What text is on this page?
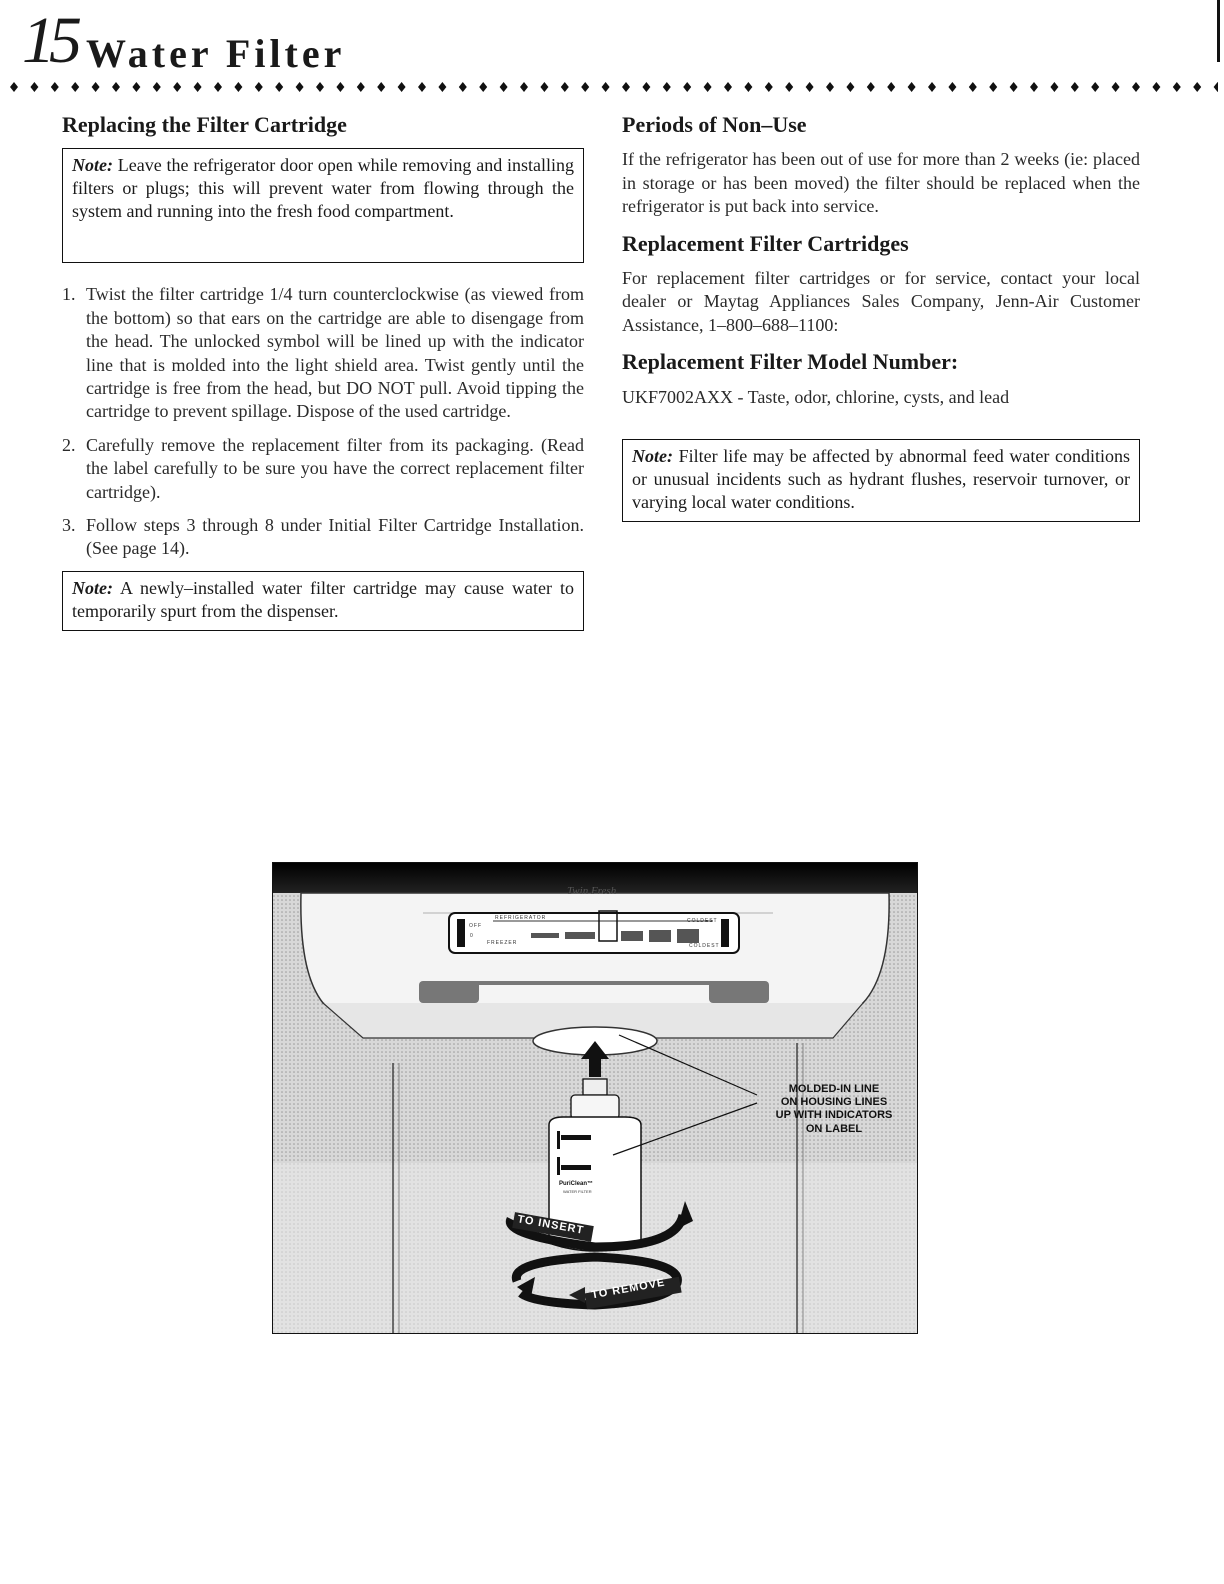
15 Water Filter
Replacing the Filter Cartridge
Note: Leave the refrigerator door open while removing and installing filters or plugs; this will prevent water from flowing through the system and running into the fresh food compartment.
1. Twist the filter cartridge 1/4 turn counterclockwise (as viewed from the bottom) so that ears on the cartridge are able to disengage from the head. The unlocked symbol will be lined up with the indicator line that is molded into the light shield area. Twist gently until the cartridge is free from the head, but DO NOT pull. Avoid tipping the cartridge to prevent spillage. Dispose of the used cartridge.
2. Carefully remove the replacement filter from its packaging. (Read the label carefully to be sure you have the correct replacement filter cartridge).
3. Follow steps 3 through 8 under Initial Filter Cartridge Installation. (See page 14).
Note: A newly–installed water filter cartridge may cause water to temporarily spurt from the dispenser.
Periods of Non–Use

If the refrigerator has been out of use for more than 2 weeks (ie: placed in storage or has been moved) the filter should be replaced when the refrigerator is put back into service.

Replacement Filter Cartridges

For replacement filter cartridges or for service, contact your local dealer or Maytag Appliances Sales Company, Jenn-Air Customer Assistance, 1–800–688–1100:

Replacement Filter Model Number:

UKF7002AXX - Taste, odor, chlorine, cysts, and lead

Note: Filter life may be affected by abnormal feed water conditions or unusual incidents such as hydrant flushes, reservoir turnover, or varying local water conditions.
Twin Fresh
REFRIGERATOR
FREEZER
COLDEST
COLDEST
OFF
0
PuriClean™
WATER FILTER
MOLDED-IN LINE
ON HOUSING LINES
UP WITH INDICATORS
ON LABEL
TO INSERT
TO REMOVE
